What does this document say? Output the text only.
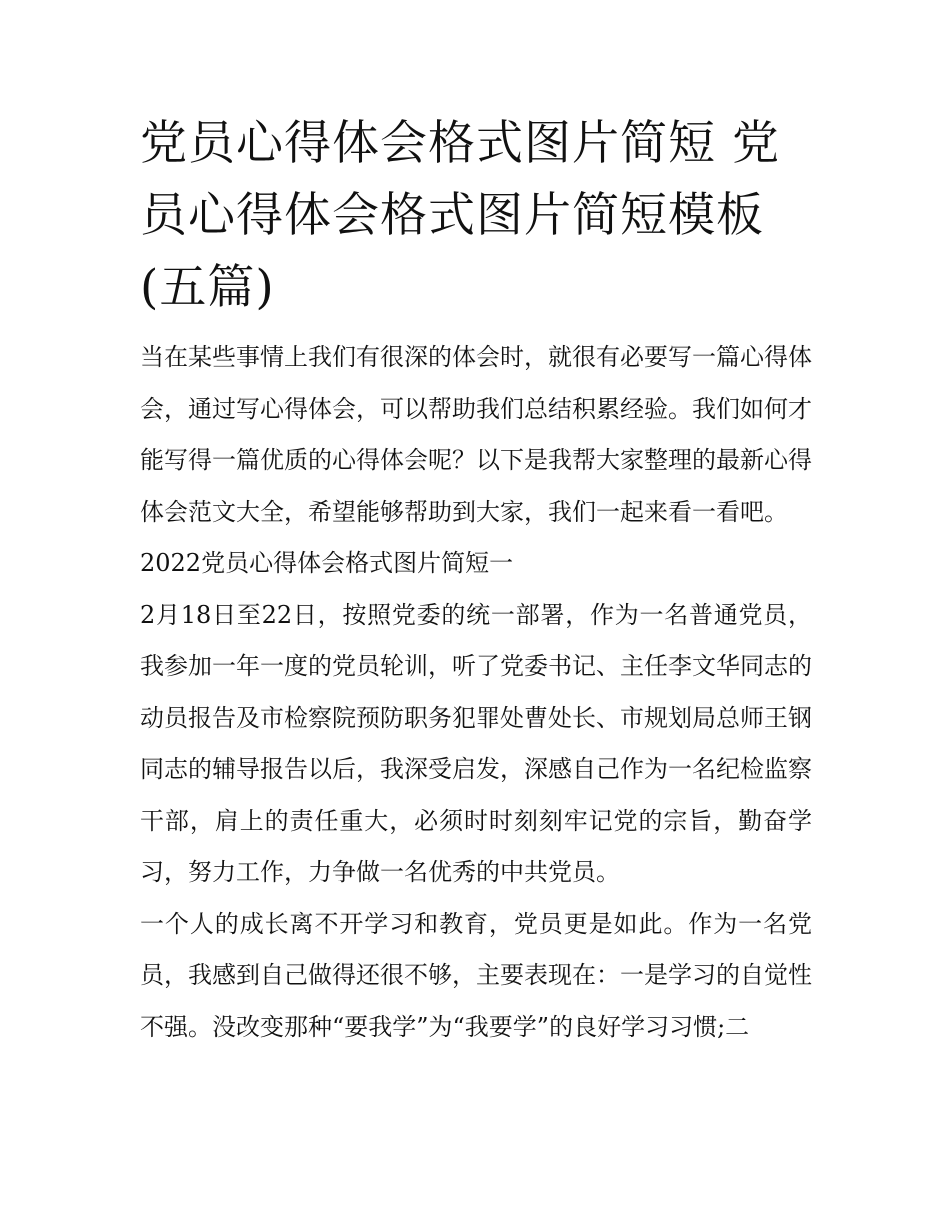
党员心得体会格式图片简短 党员心得体会格式图片简短模板(五篇)

当在某些事情上我们有很深的体会时，就很有必要写一篇心得体会，通过写心得体会，可以帮助我们总结积累经验。我们如何才能写得一篇优质的心得体会呢？以下是我帮大家整理的最新心得体会范文大全，希望能够帮助到大家，我们一起来看一看吧。

2022党员心得体会格式图片简短一

2月18日至22日，按照党委的统一部署，作为一名普通党员，我参加一年一度的党员轮训，听了党委书记、主任李文华同志的动员报告及市检察院预防职务犯罪处曹处长、市规划局总师王钢同志的辅导报告以后，我深受启发，深感自己作为一名纪检监察干部，肩上的责任重大，必须时时刻刻牢记党的宗旨，勤奋学习，努力工作，力争做一名优秀的中共党员。

一个人的成长离不开学习和教育，党员更是如此。作为一名党员，我感到自己做得还很不够，主要表现在：一是学习的自觉性不强。没改变那种“要我学”为“我要学”的良好学习习惯;二
